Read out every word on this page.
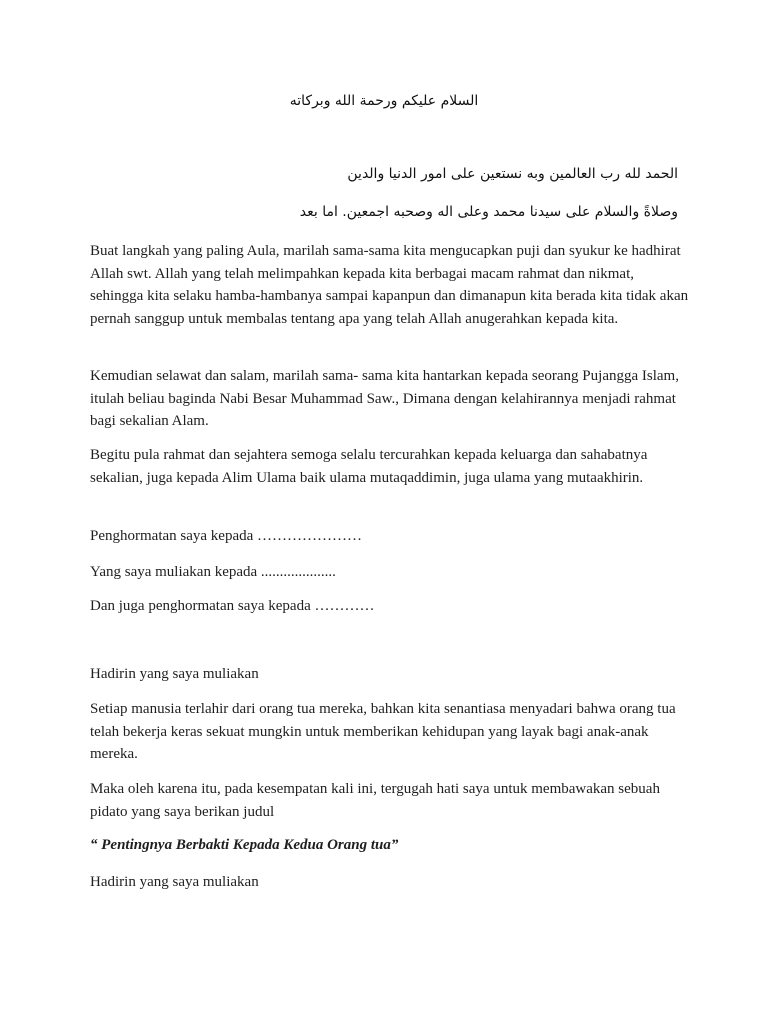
السلام عليكم ورحمة الله وبركاته
الحمد لله رب العالمين وبه نستعين على امور الدنيا والدين
وصلاةً والسلام على سيدنا محمد وعلى اله وصحبه اجمعين. اما بعد
Buat langkah yang paling Aula, marilah sama-sama kita mengucapkan puji dan syukur ke hadhirat Allah swt. Allah yang telah melimpahkan kepada kita berbagai macam rahmat dan nikmat, sehingga kita selaku hamba-hambanya sampai kapanpun dan dimanapun kita berada kita tidak akan pernah sanggup untuk membalas tentang apa yang telah Allah anugerahkan kepada kita.
Kemudian selawat dan salam, marilah sama- sama kita hantarkan kepada seorang Pujangga Islam, itulah beliau baginda Nabi Besar Muhammad Saw., Dimana dengan kelahirannya menjadi rahmat bagi sekalian Alam.
Begitu pula rahmat dan sejahtera semoga selalu tercurahkan kepada keluarga dan sahabatnya sekalian, juga kepada Alim Ulama baik ulama mutaqaddimin, juga ulama yang mutaakhirin.
Penghormatan saya kepada …………………
Yang saya muliakan kepada ....................
Dan juga penghormatan saya kepada …………
Hadirin yang saya muliakan
Setiap manusia terlahir dari orang tua mereka, bahkan kita senantiasa menyadari bahwa orang tua telah bekerja keras sekuat mungkin untuk memberikan kehidupan yang layak bagi anak-anak mereka.
Maka oleh karena itu, pada kesempatan kali ini, tergugah hati saya untuk membawakan sebuah pidato yang saya berikan judul
“ Pentingnya Berbakti Kepada Kedua Orang tua”
Hadirin yang saya muliakan
